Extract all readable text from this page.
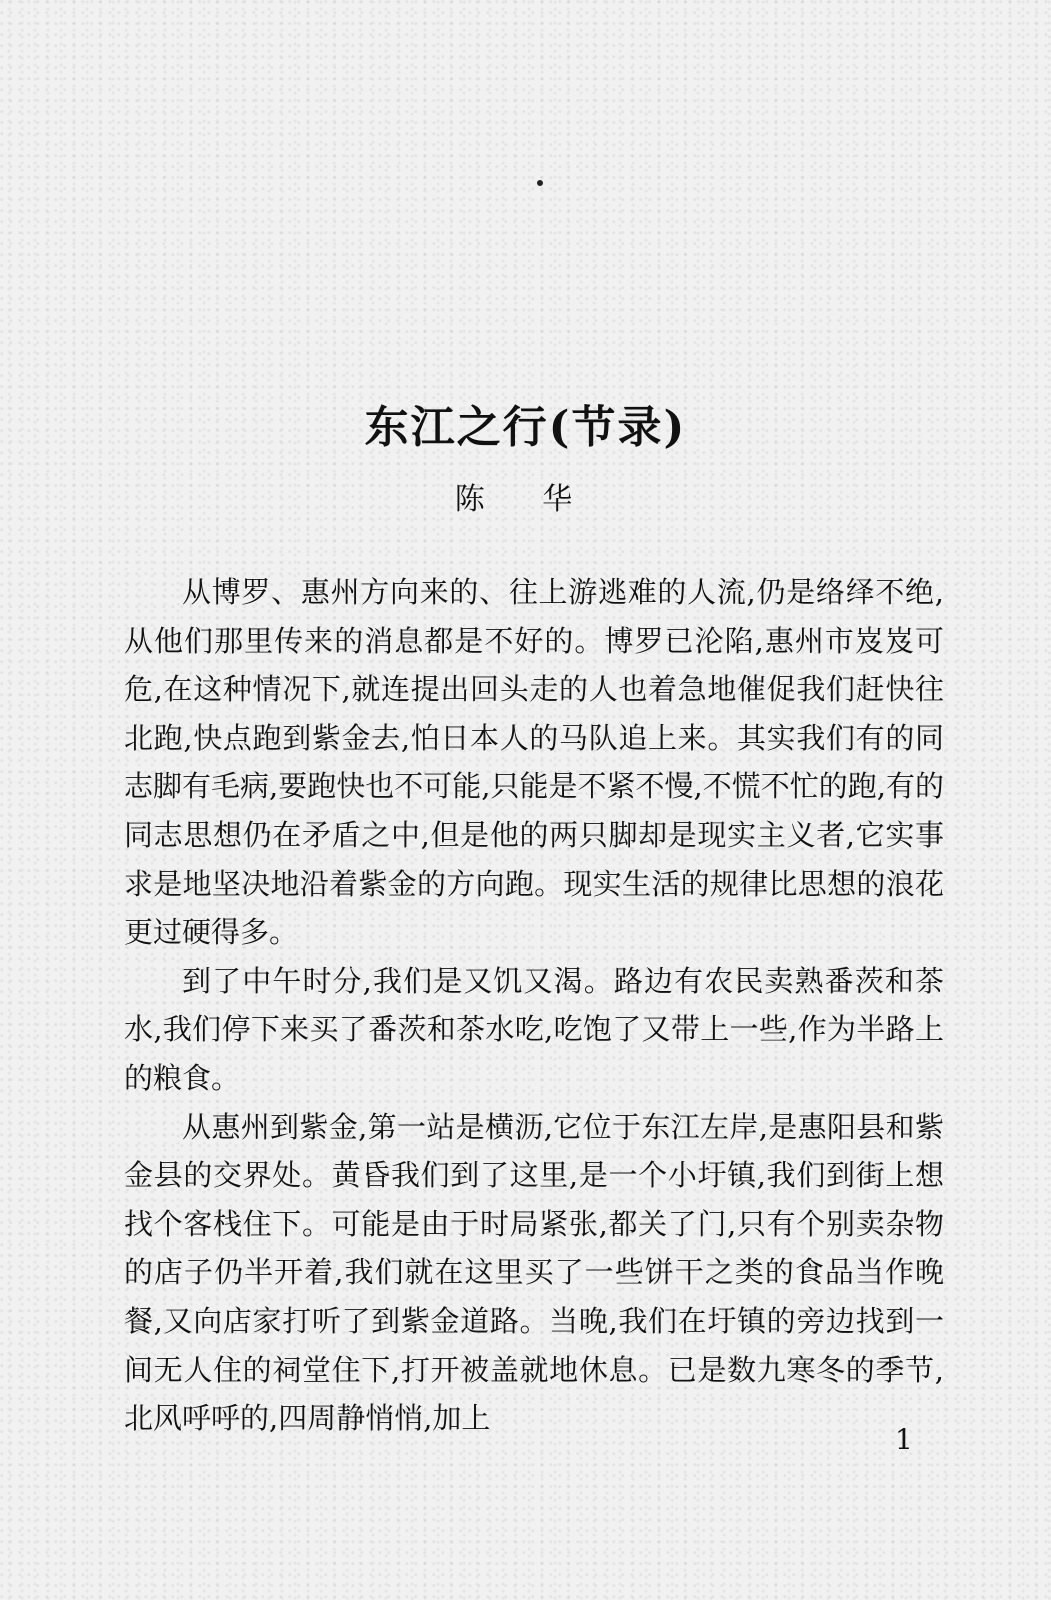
东江之行(节录)
陈 华

从博罗、惠州方向来的、往上游逃难的人流,仍是络绎不绝,从他们那里传来的消息都是不好的。博罗已沦陷,惠州市岌岌可危,在这种情况下,就连提出回头走的人也着急地催促我们赶快往北跑,快点跑到紫金去,怕日本人的马队追上来。其实我们有的同志脚有毛病,要跑快也不可能,只能是不紧不慢,不慌不忙的跑,有的同志思想仍在矛盾之中,但是他的两只脚却是现实主义者,它实事求是地坚决地沿着紫金的方向跑。现实生活的规律比思想的浪花更过硬得多。

到了中午时分,我们是又饥又渴。路边有农民卖熟番茨和茶水,我们停下来买了番茨和茶水吃,吃饱了又带上一些,作为半路上的粮食。

从惠州到紫金,第一站是横沥,它位于东江左岸,是惠阳县和紫金县的交界处。黄昏我们到了这里,是一个小圩镇,我们到街上想找个客栈住下。可能是由于时局紧张,都关了门,只有个别卖杂物的店子仍半开着,我们就在这里买了一些饼干之类的食品当作晚餐,又向店家打听了到紫金道路。当晚,我们在圩镇的旁边找到一间无人住的祠堂住下,打开被盖就地休息。已是数九寒冬的季节,北风呼呼的,四周静悄悄,加上

1
